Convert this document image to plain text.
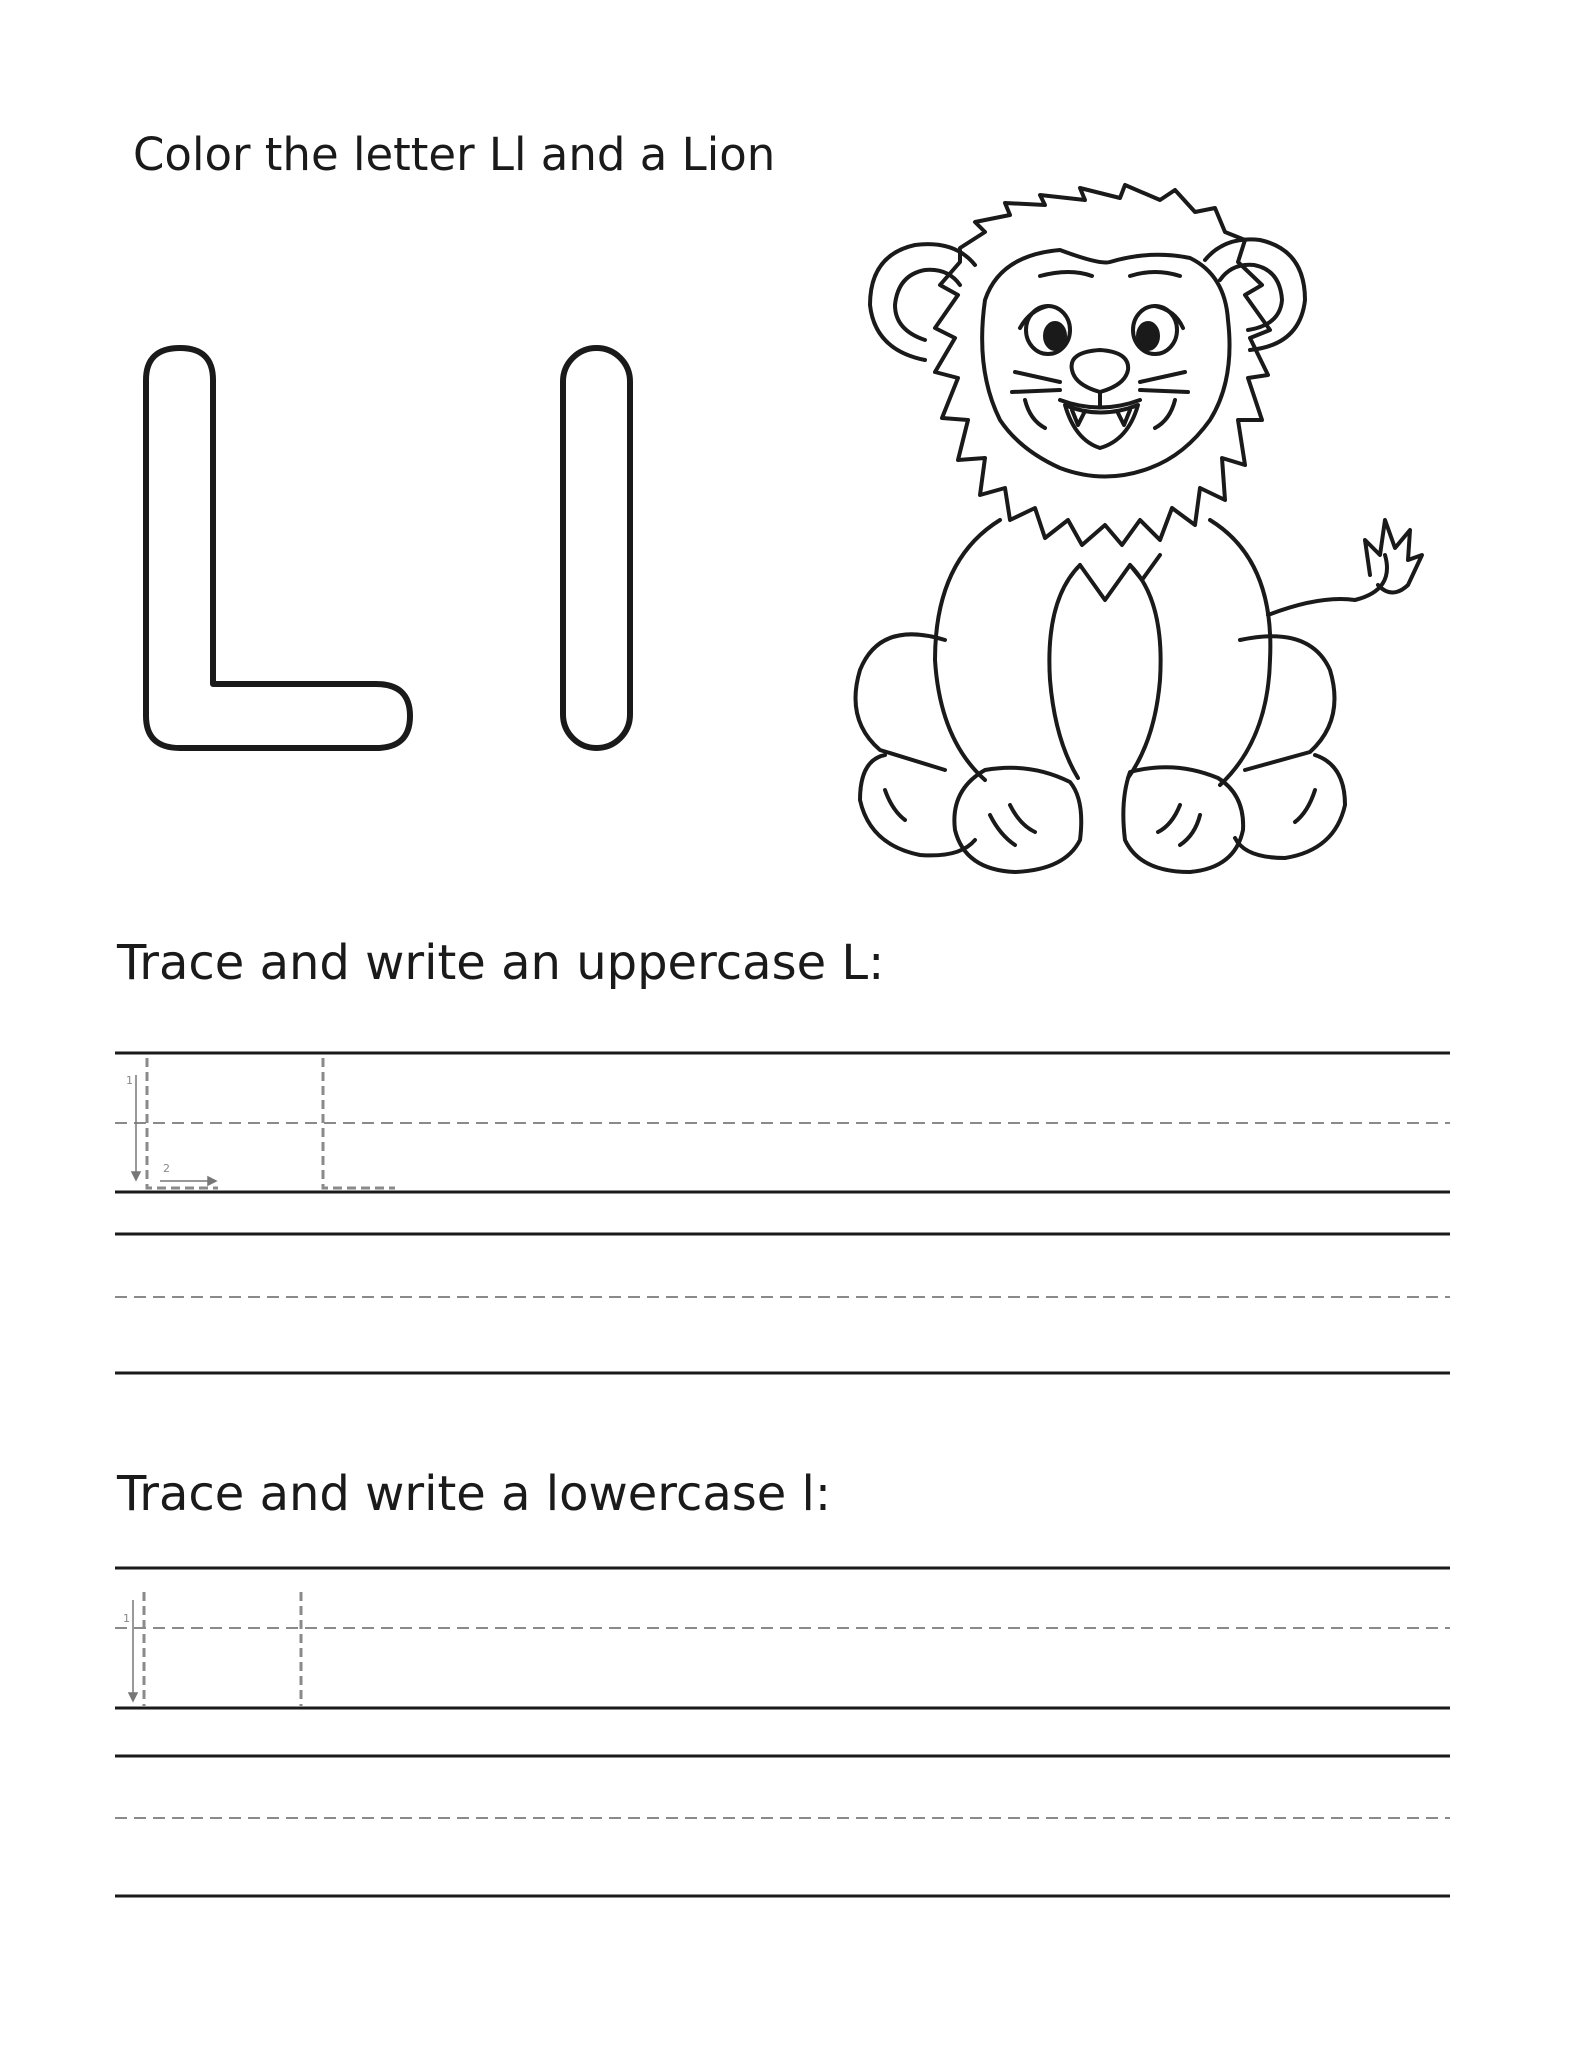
Color the letter Ll and a Lion
Trace and write an uppercase L:
1
2
Trace and write a lowercase l:
1
